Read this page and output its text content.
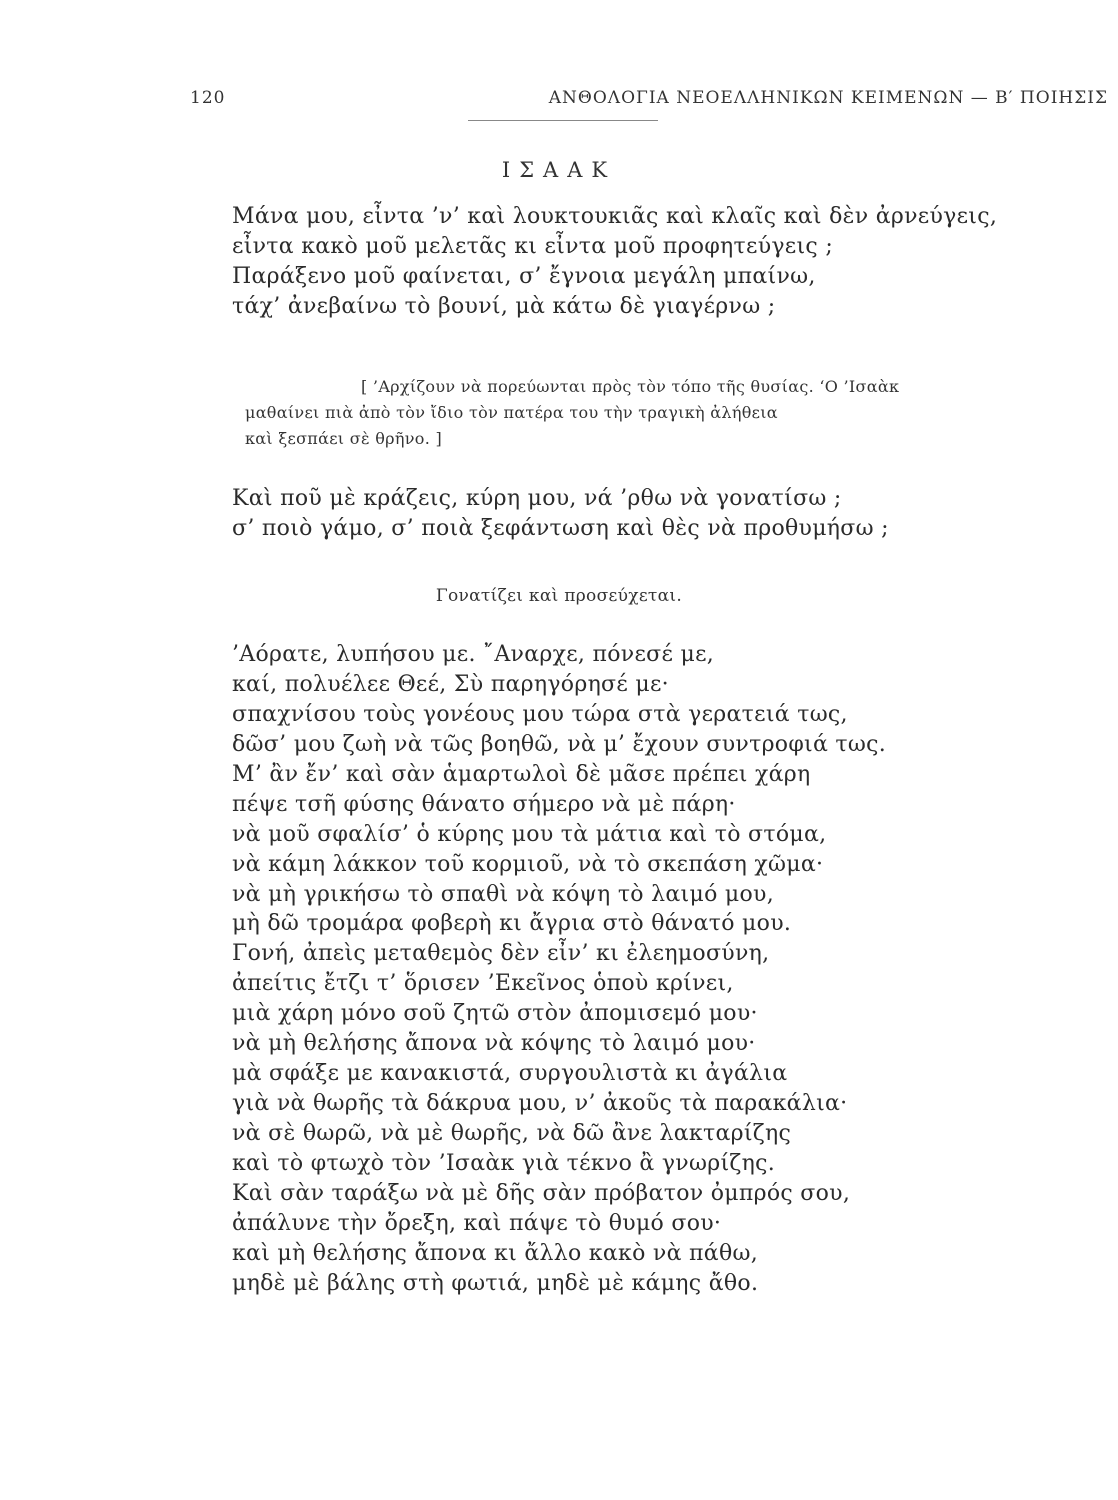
120	ΑΝΘΟΛΟΓΙΑ ΝΕΟΕΛΛΗΝΙΚΩΝ ΚΕΙΜΕΝΩΝ — Β′ ΠΟΙΗΣΙΣ
ΙΣΑΑΚ
Μάνα μου, εἶντα ’ν’ καὶ λουκτουκιᾶς καὶ κλαῖς καὶ δὲν ἀρνεύγεις,
εἶντα κακὸ μοῦ μελετᾶς κι εἶντα μοῦ προφητεύγεις ;
Παράξενο μοῦ φαίνεται, σ’ ἔγνοια μεγάλη μπαίνω,
τάχ’ ἀνεβαίνω τὸ βουνί, μὰ κάτω δὲ γιαγέρνω ;
[ ’Αρχίζουν νὰ πορεύωνται πρὸς τὸν τόπο τῆς θυσίας. ‘Ο ’Ισαὰκ
μαθαίνει πιὰ ἀπὸ τὸν ἴδιο τὸν πατέρα του τὴν τραγικὴ ἀλήθεια
καὶ ξεσπάει σὲ θρῆνο. ]
Καὶ ποῦ μὲ κράζεις, κύρη μου, νά ’ρθω νὰ γονατίσω ;
σ’ ποιὸ γάμο, σ’ ποιὰ ξεφάντωση καὶ θὲς νὰ προθυμήσω ;
Γονατίζει καὶ προσεύχεται.
’Αόρατε, λυπήσου με. ῎Αναρχε, πόνεσέ με,
καί, πολυέλεε Θεέ, Σὺ παρηγόρησέ με·
σπαχνίσου τοὺς γονέους μου τώρα στὰ γερατειά τως,
δῶσ’ μου ζωὴ νὰ τῶς βοηθῶ, νὰ μ’ ἔχουν συντροφιά τως.
Μ’ ἂν ἔν’ καὶ σὰν ἁμαρτωλοὶ δὲ μᾶσε πρέπει χάρη
πέψε τσῆ φύσης θάνατο σήμερο νὰ μὲ πάρη·
νὰ μοῦ σφαλίσ’ ὁ κύρης μου τὰ μάτια καὶ τὸ στόμα,
νὰ κάμη λάκκον τοῦ κορμιοῦ, νὰ τὸ σκεπάση χῶμα·
νὰ μὴ γρικήσω τὸ σπαθὶ νὰ κόψη τὸ λαιμό μου,
μὴ δῶ τρομάρα φοβερὴ κι ἄγρια στὸ θάνατό μου.
Γονή, ἀπεὶς μεταθεμὸς δὲν εἶν’ κι ἐλεημοσύνη,
ἀπείτις ἔτζι τ’ ὅρισεν ’Εκεῖνος ὁποὺ κρίνει,
μιὰ χάρη μόνο σοῦ ζητῶ στὸν ἀπομισεμό μου·
νὰ μὴ θελήσης ἄπονα νὰ κόψης τὸ λαιμό μου·
μὰ σφάξε με κανακιστά, συργουλιστὰ κι ἀγάλια
γιὰ νὰ θωρῆς τὰ δάκρυα μου, ν’ ἀκοῦς τὰ παρακάλια·
νὰ σὲ θωρῶ, νὰ μὲ θωρῆς, νὰ δῶ ἂνε λακταρίζης
καὶ τὸ φτωχὸ τὸν ’Ισαὰκ γιὰ τέκνο ἂ γνωρίζης.
Καὶ σὰν ταράξω νὰ μὲ δῆς σὰν πρόβατον ὀμπρός σου,
ἀπάλυνε τὴν ὄρεξη, καὶ πάψε τὸ θυμό σου·
καὶ μὴ θελήσης ἄπονα κι ἄλλο κακὸ νὰ πάθω,
μηδὲ μὲ βάλης στὴ φωτιά, μηδὲ μὲ κάμης ἄθο.
